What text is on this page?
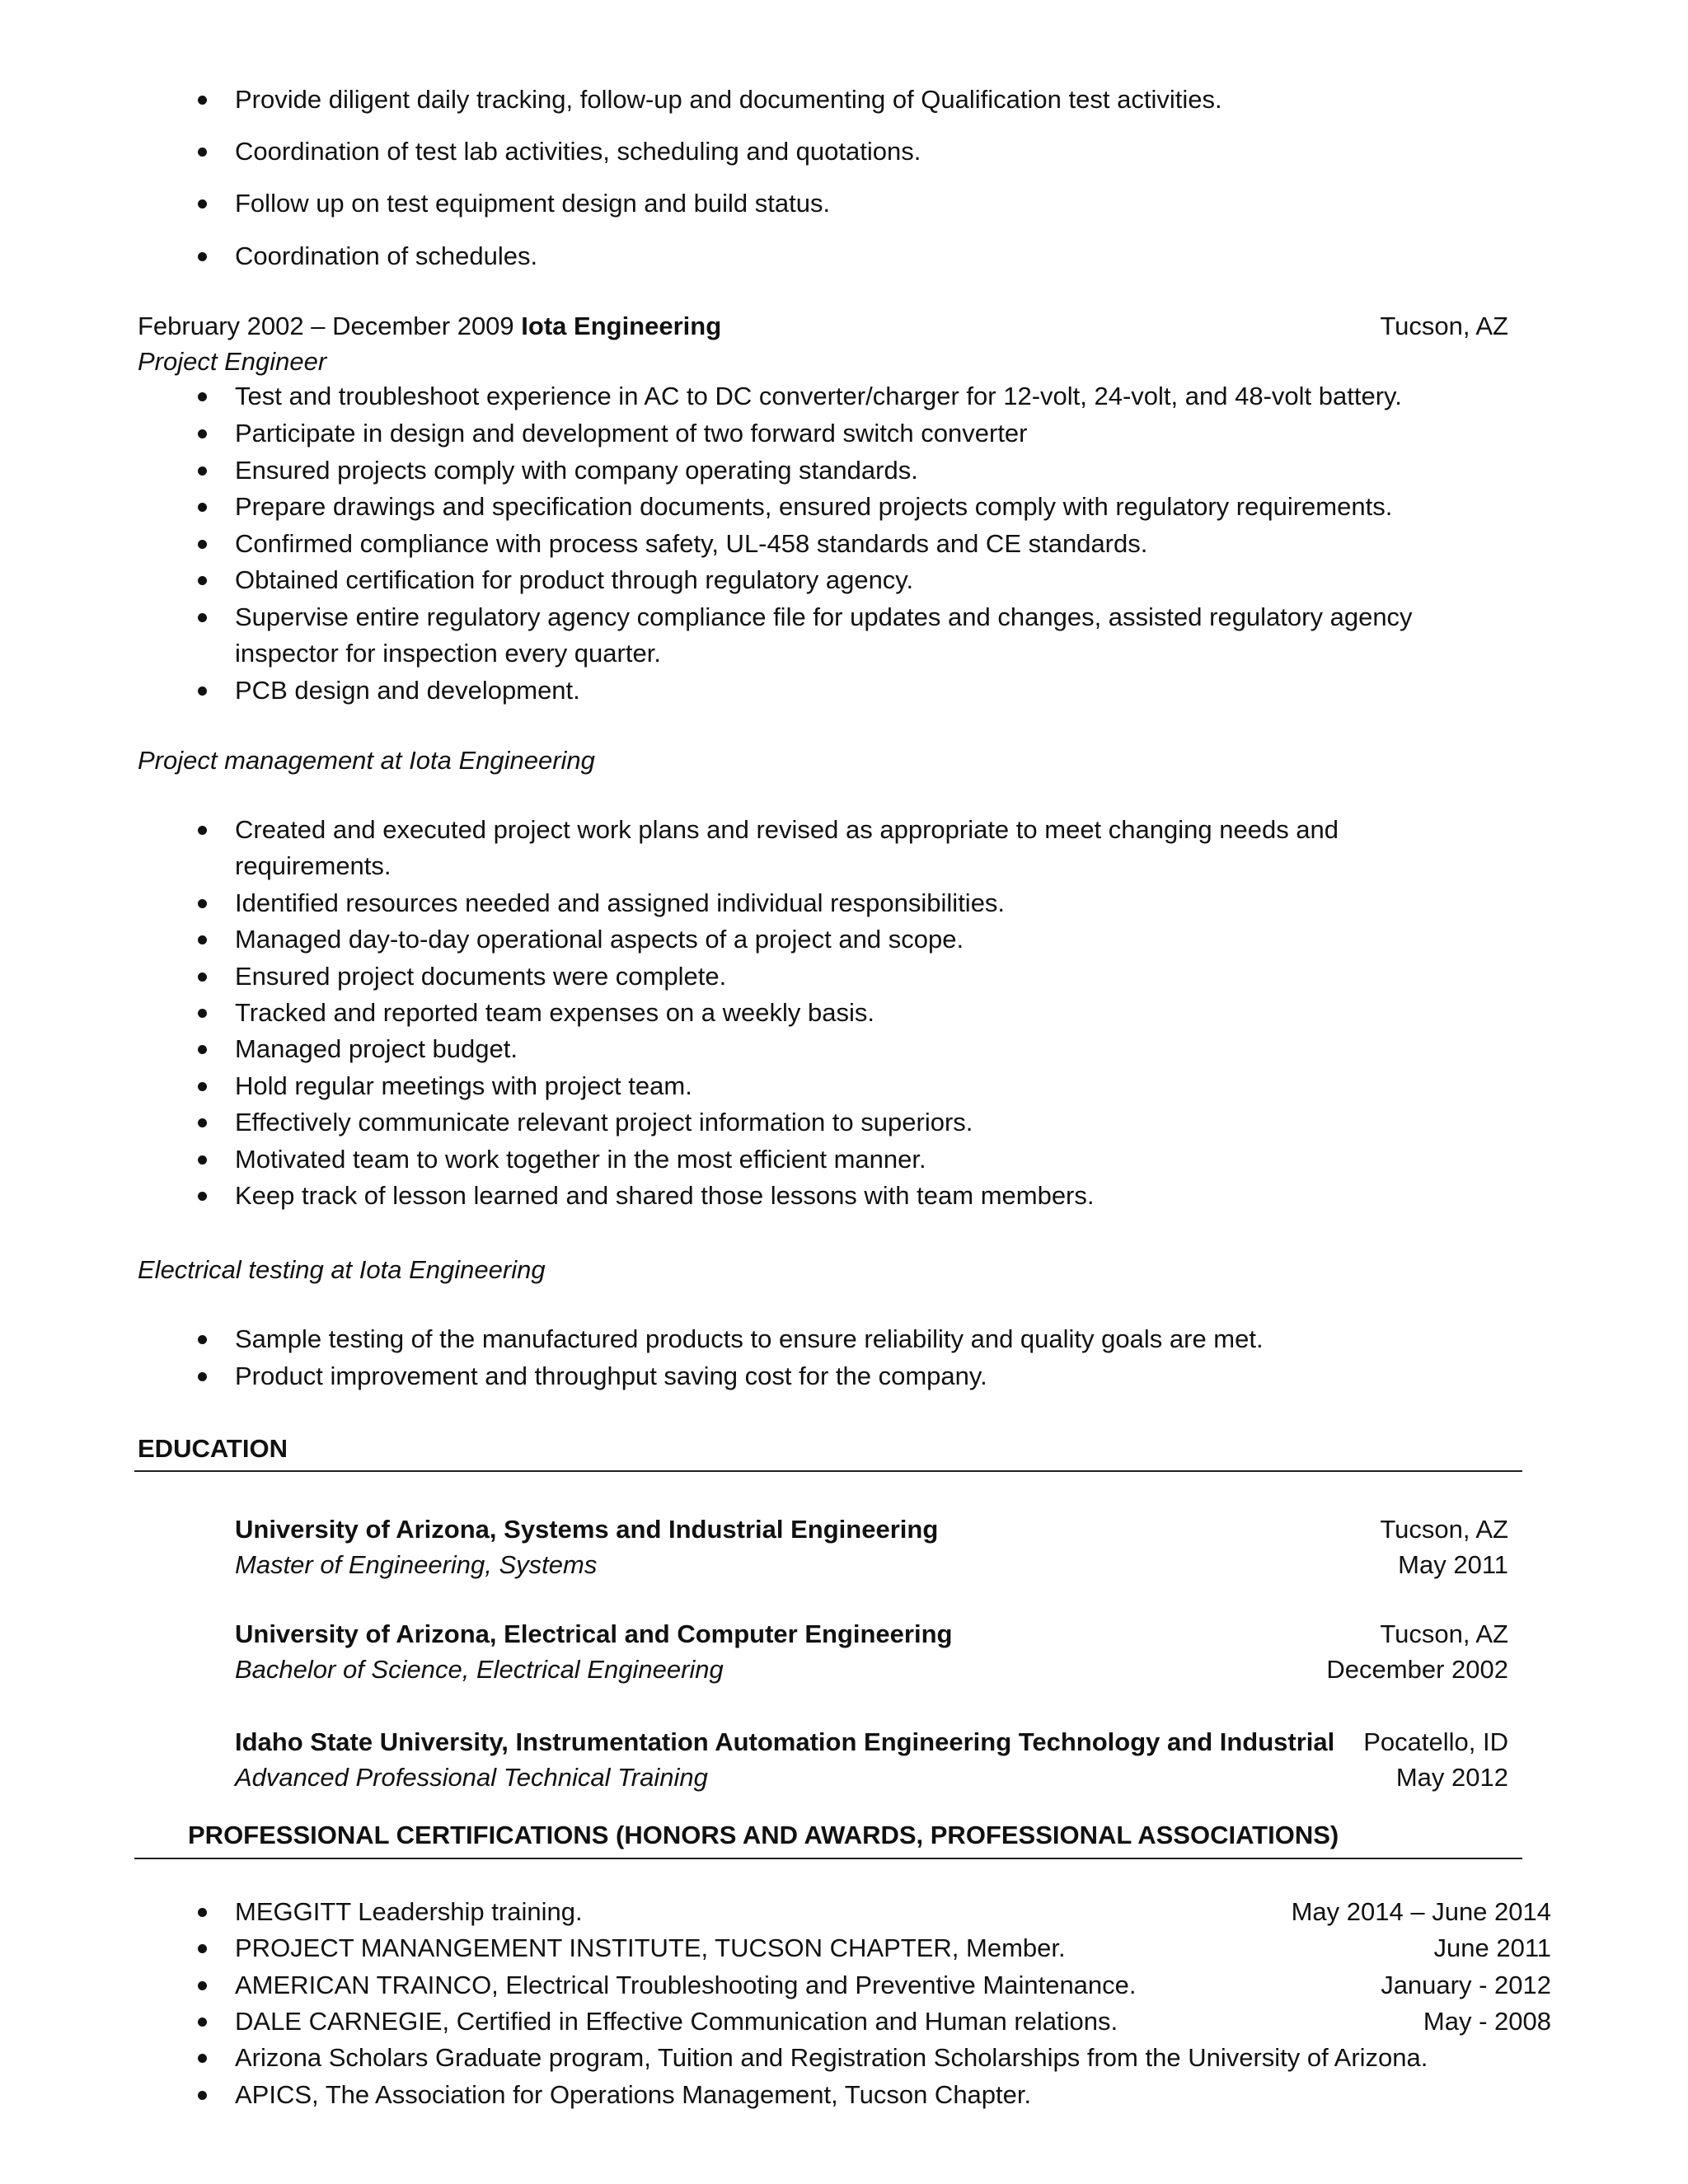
Provide diligent daily tracking, follow-up and documenting of Qualification test activities.
Coordination of test lab activities, scheduling and quotations.
Follow up on test equipment design and build status.
Coordination of schedules.
February 2002 – December 2009 Iota Engineering	Tucson, AZ
Project Engineer
Test and troubleshoot experience in AC to DC converter/charger for 12-volt, 24-volt, and 48-volt battery.
Participate in design and development of two forward switch converter
Ensured projects comply with company operating standards.
Prepare drawings and specification documents, ensured projects comply with regulatory requirements.
Confirmed compliance with process safety, UL-458 standards and CE standards.
Obtained certification for product through regulatory agency.
Supervise entire regulatory agency compliance file for updates and changes, assisted regulatory agency
inspector for inspection every quarter.
PCB design and development.
Project management at Iota Engineering
Created and executed project work plans and revised as appropriate to meet changing needs and
requirements.
Identified resources needed and assigned individual responsibilities.
Managed day-to-day operational aspects of a project and scope.
Ensured project documents were complete.
Tracked and reported team expenses on a weekly basis.
Managed project budget.
Hold regular meetings with project team.
Effectively communicate relevant project information to superiors.
Motivated team to work together in the most efficient manner.
Keep track of lesson learned and shared those lessons with team members.
Electrical testing at Iota Engineering
Sample testing of the manufactured products to ensure reliability and quality goals are met.
Product improvement and throughput saving cost for the company.
EDUCATION
University of Arizona, Systems and Industrial Engineering	Tucson, AZ
Master of Engineering, Systems	May 2011
University of Arizona, Electrical and Computer Engineering	Tucson, AZ
Bachelor of Science, Electrical Engineering	December 2002
Idaho State University, Instrumentation Automation Engineering Technology and Industrial Pocatello, ID
Advanced Professional Technical Training	May 2012
PROFESSIONAL CERTIFICATIONS (HONORS AND AWARDS, PROFESSIONAL ASSOCIATIONS)
MEGGITT Leadership training.	May 2014 – June 2014
PROJECT MANANGEMENT INSTITUTE, TUCSON CHAPTER, Member.	June 2011
AMERICAN TRAINCO, Electrical Troubleshooting and Preventive Maintenance.	January - 2012
DALE CARNEGIE, Certified in Effective Communication and Human relations.	May - 2008
Arizona Scholars Graduate program, Tuition and Registration Scholarships from the University of Arizona.
APICS, The Association for Operations Management, Tucson Chapter.
